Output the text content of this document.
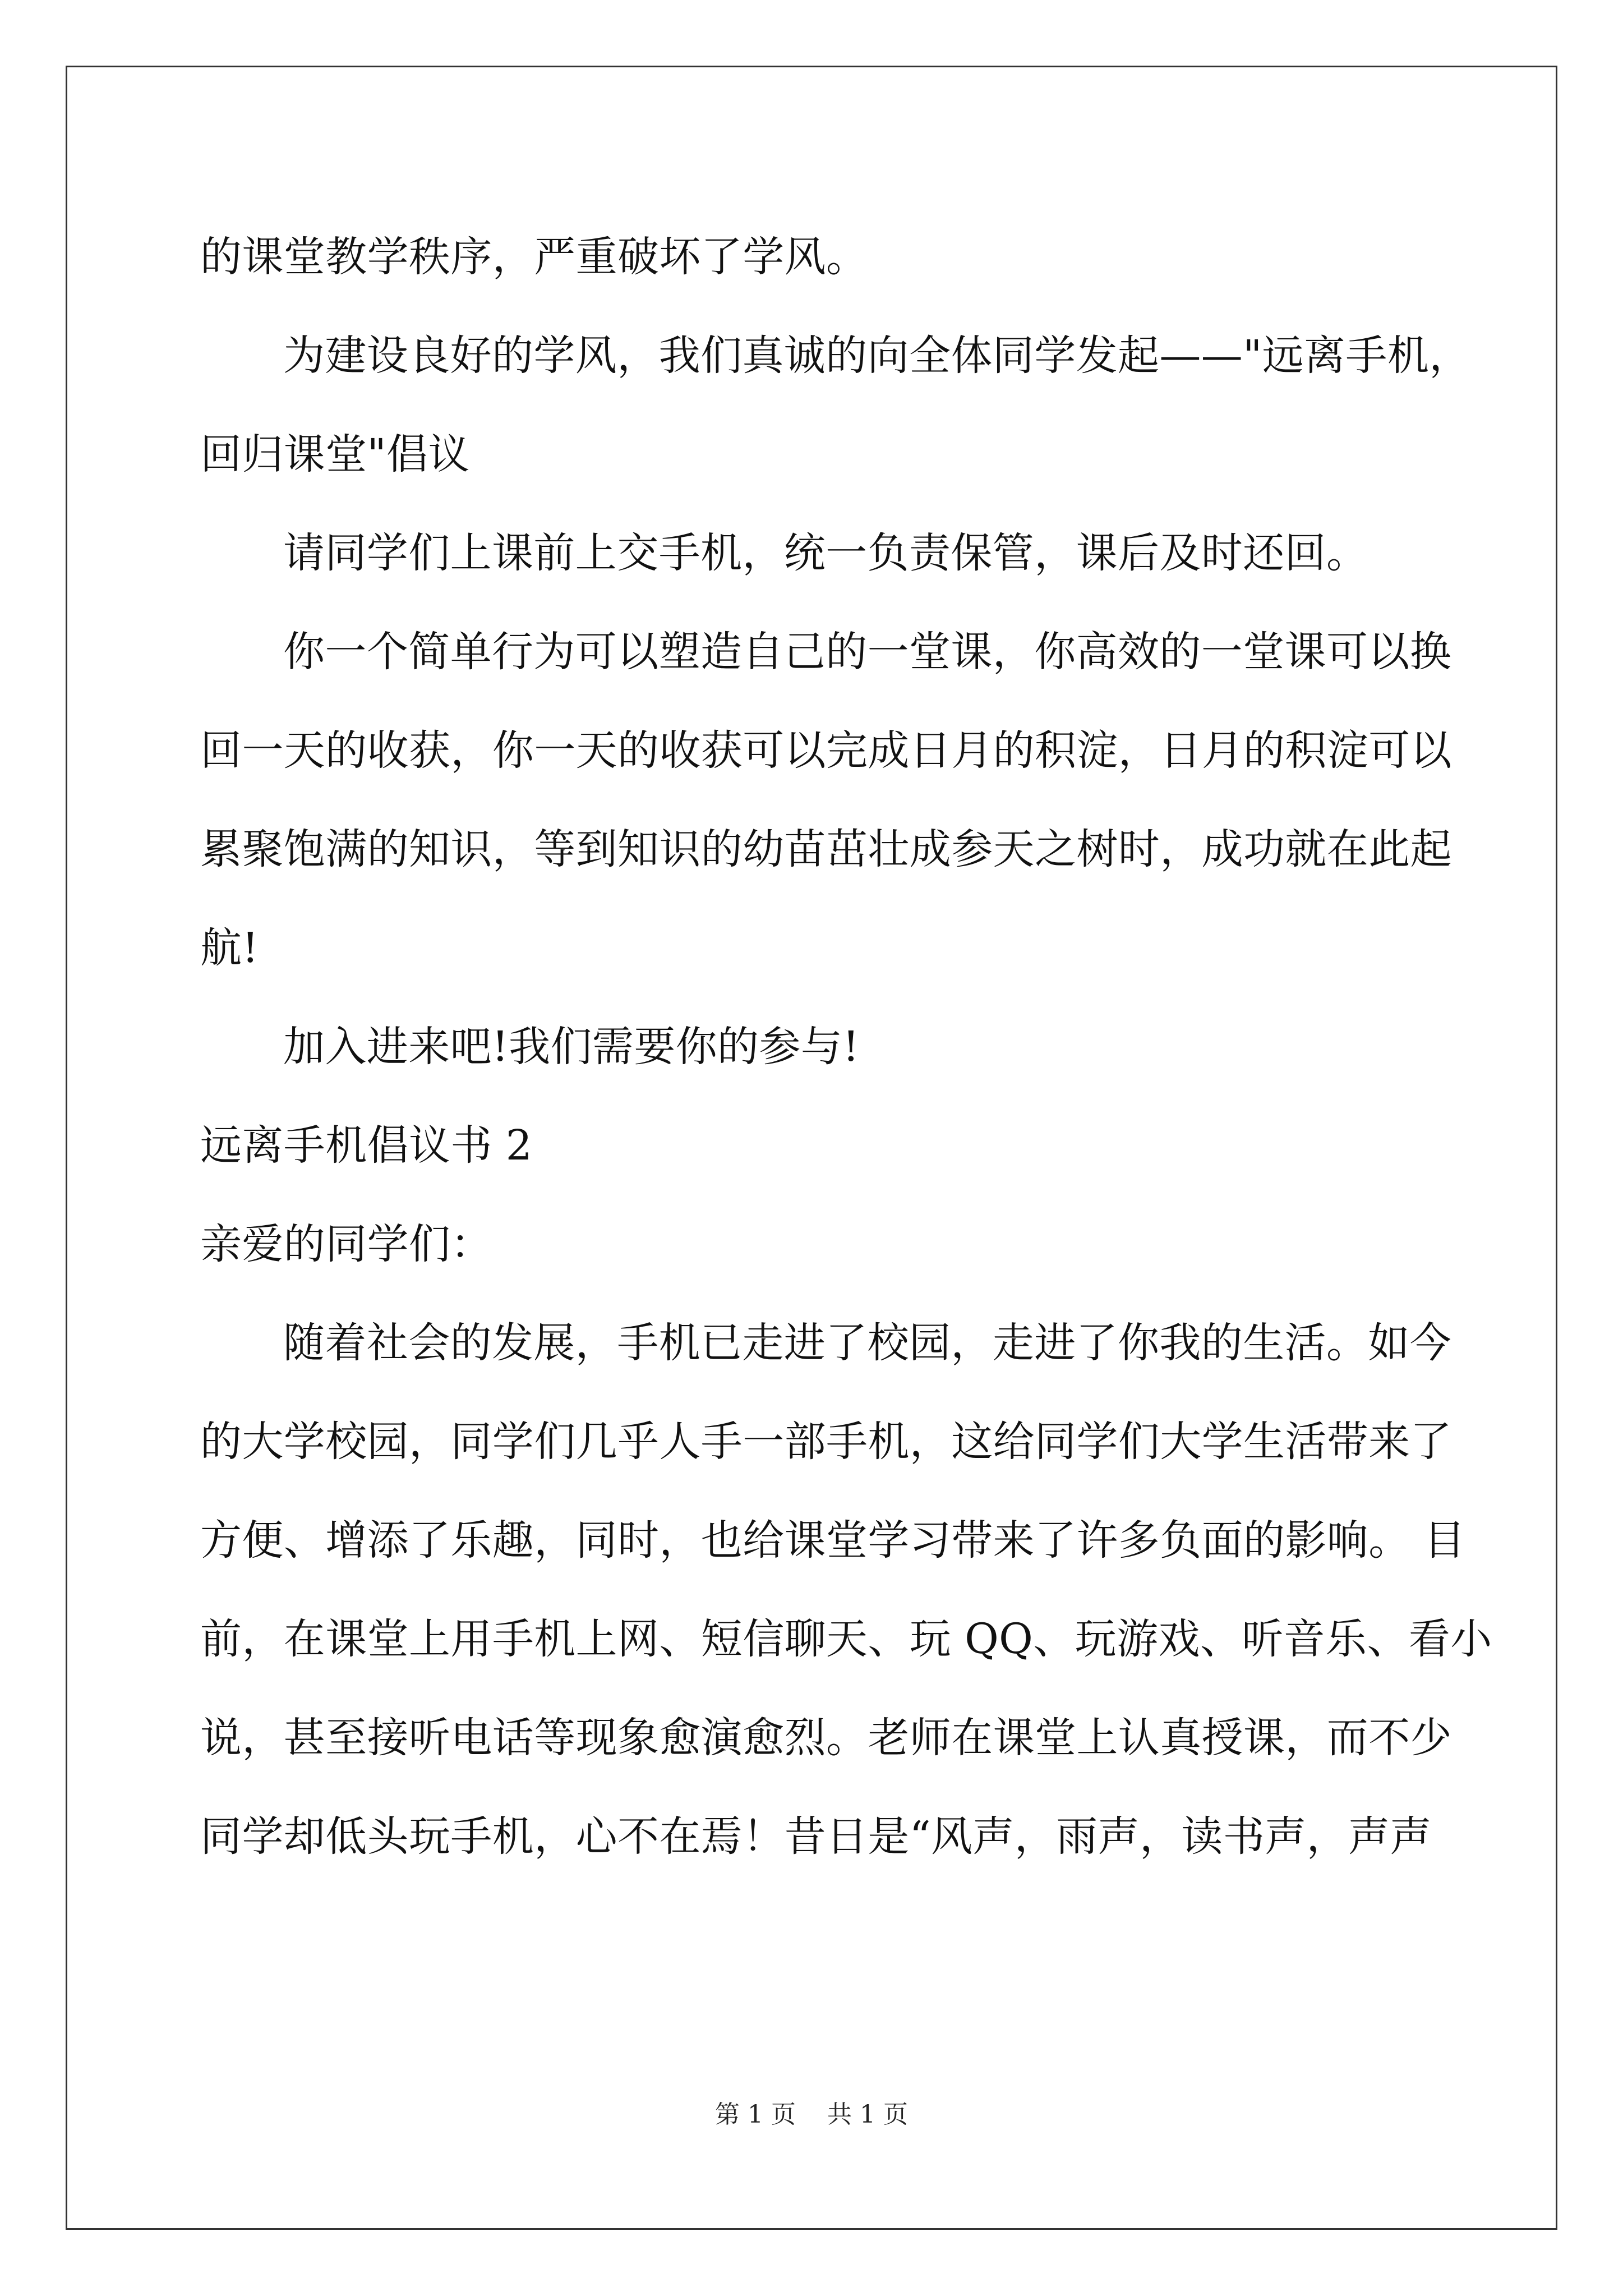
的课堂教学秩序，严重破坏了学风。
为建设良好的学风，我们真诚的向全体同学发起——"远离手机，
回归课堂"倡议
请同学们上课前上交手机，统一负责保管，课后及时还回。
你一个简单行为可以塑造自己的一堂课，你高效的一堂课可以换
回一天的收获，你一天的收获可以完成日月的积淀，日月的积淀可以
累聚饱满的知识，等到知识的幼苗茁壮成参天之树时，成功就在此起
航!
加入进来吧!我们需要你的参与!
远离手机倡议书 2
亲爱的同学们：
随着社会的发展，手机已走进了校园，走进了你我的生活。如今
的大学校园，同学们几乎人手一部手机，这给同学们大学生活带来了
方便、增添了乐趣，同时，也给课堂学习带来了许多负面的影响。 目
前，在课堂上用手机上网、短信聊天、玩 QQ、玩游戏、听音乐、看小
说，甚至接听电话等现象愈演愈烈。老师在课堂上认真授课，而不少
同学却低头玩手机，心不在焉！昔日是“风声，雨声，读书声，声声
第 1 页 共 1 页
